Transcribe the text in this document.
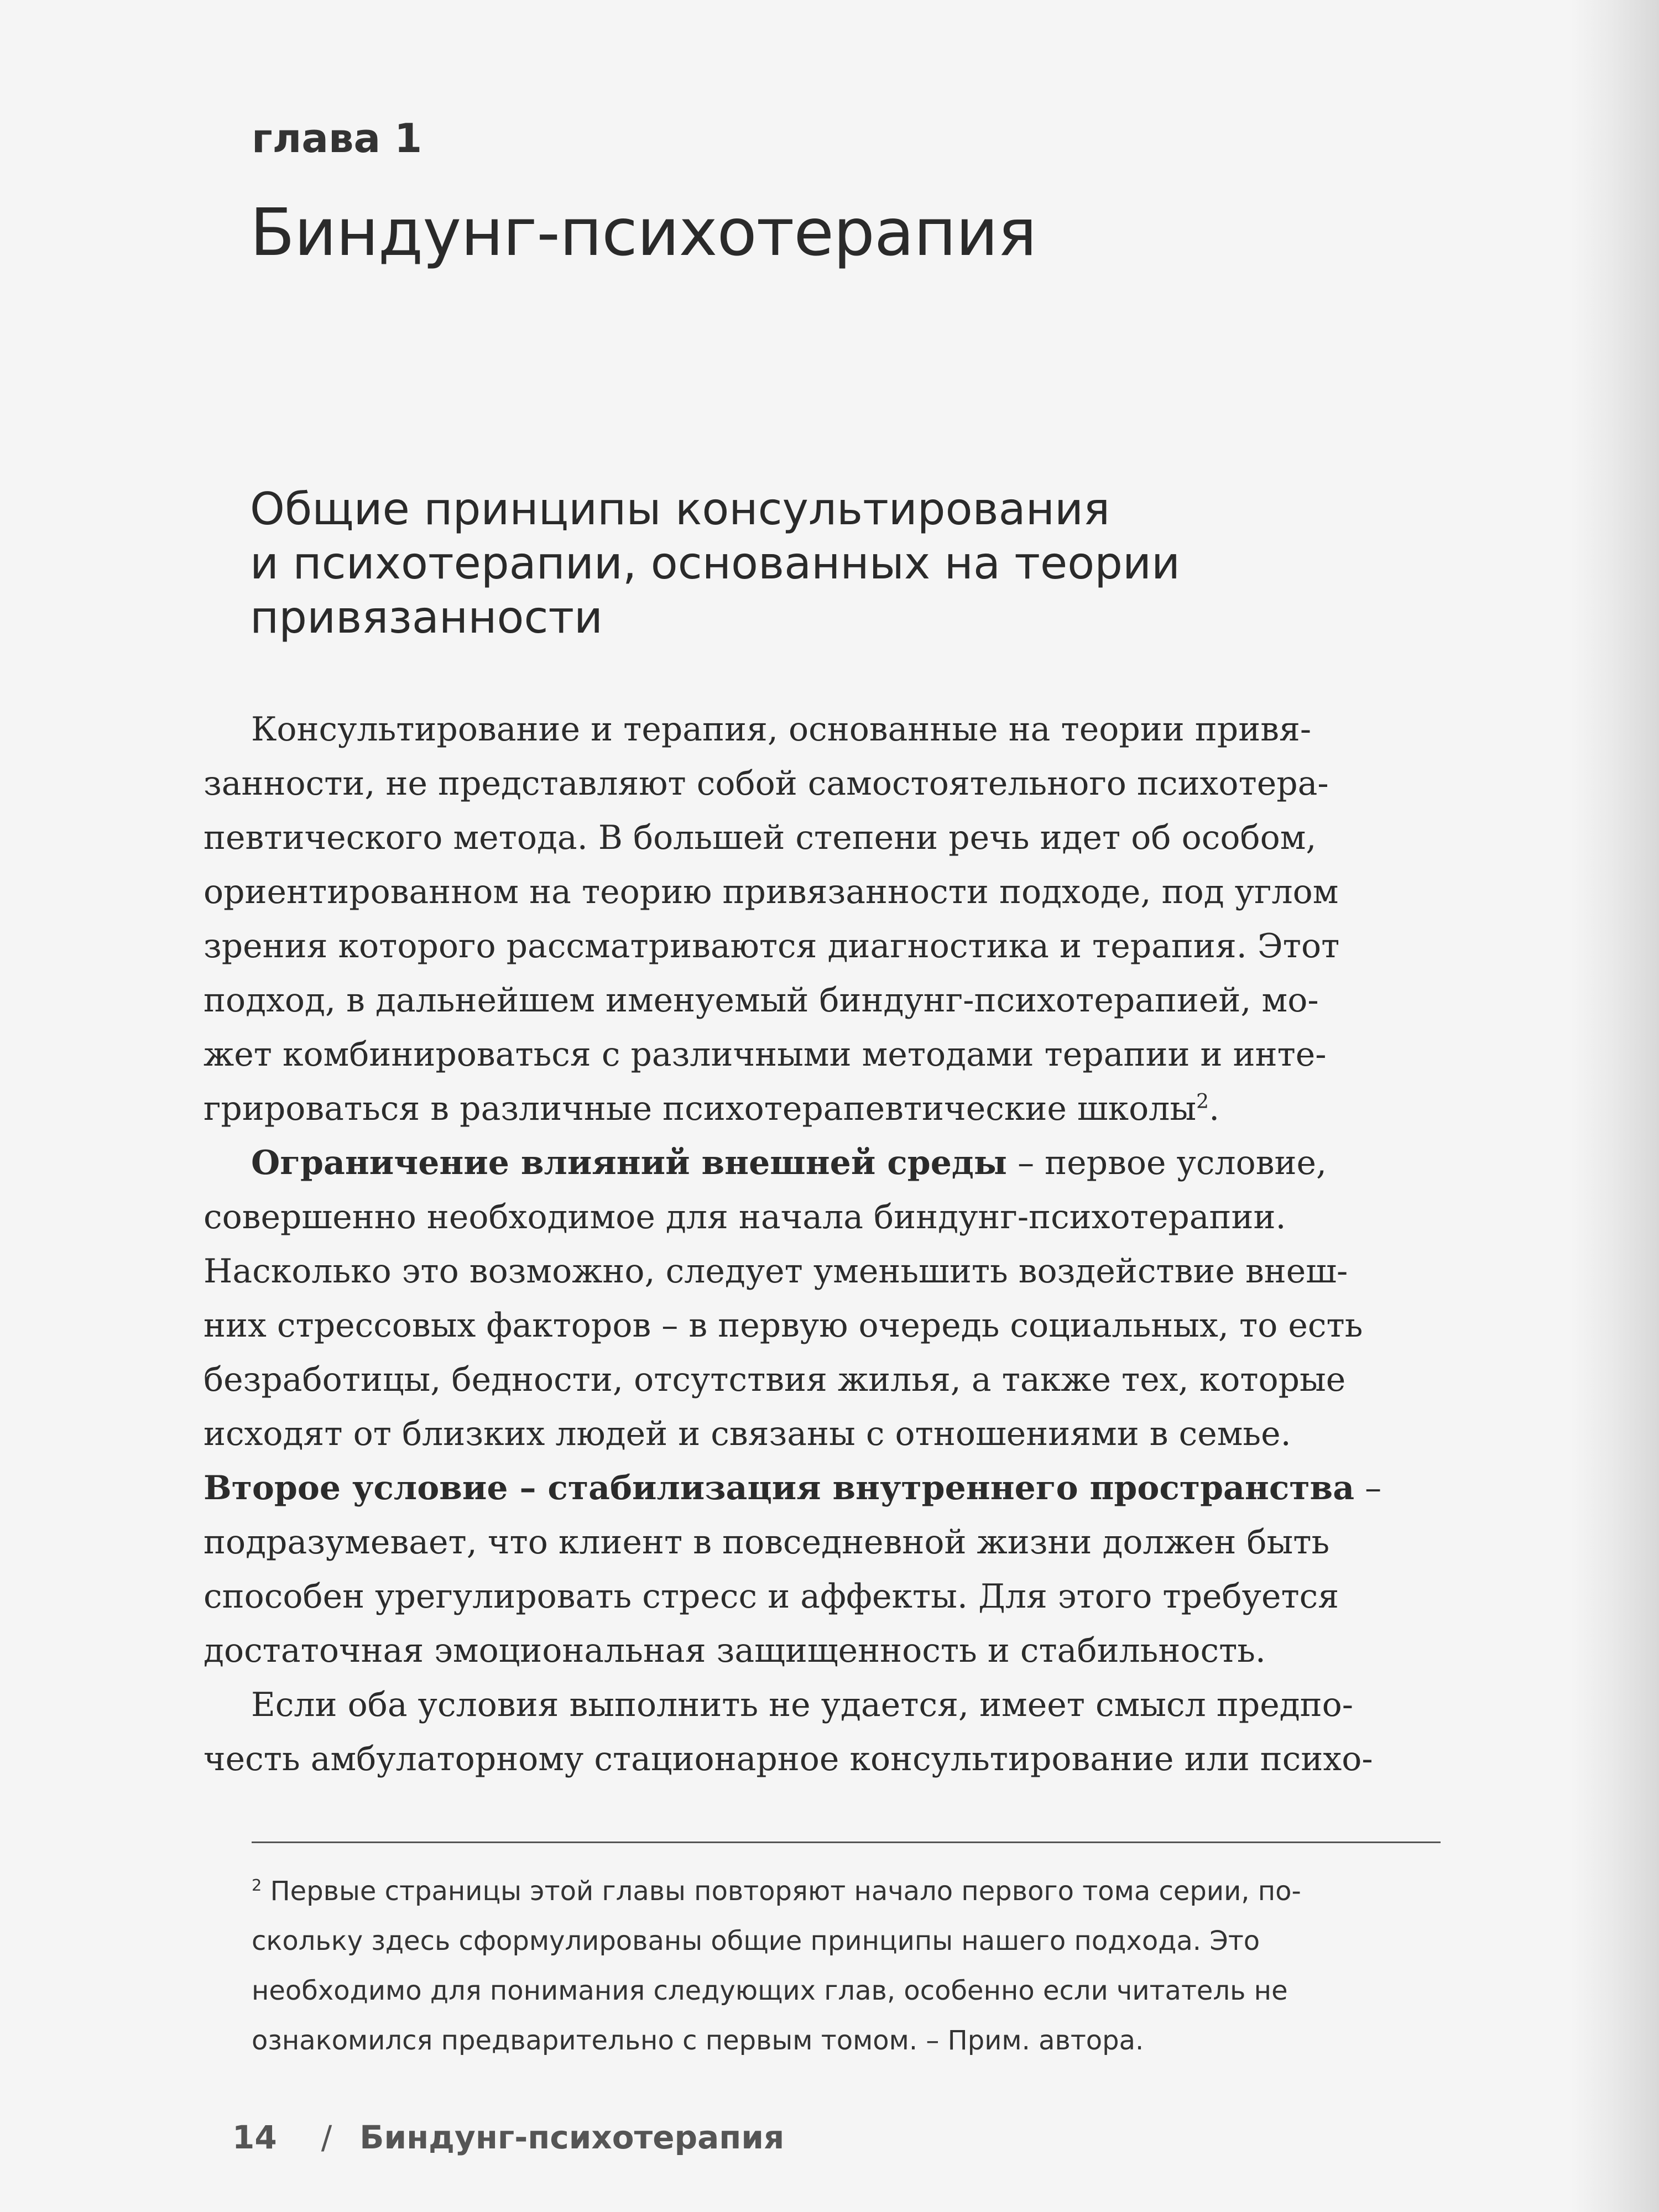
глава 1
Биндунг-психотерапия
Общие принципы консультирования
и психотерапии, основанных на теории
привязанности
Консультирование и терапия, основанные на теории привя-
занности, не представляют собой самостоятельного психотера-
певтического метода. В большей степени речь идет об особом,
ориентированном на теорию привязанности подходе, под углом
зрения которого рассматриваются диагностика и терапия. Этот
подход, в дальнейшем именуемый биндунг-психотерапией, мо-
жет комбинироваться с различными методами терапии и инте-
грироваться в различные психотерапевтические школы$^2$.
Ограничение влияний внешней среды – первое условие,
совершенно необходимое для начала биндунг-психотерапии.
Насколько это возможно, следует уменьшить воздействие внеш-
них стрессовых факторов – в первую очередь социальных, то есть
безработицы, бедности, отсутствия жилья, а также тех, которые
исходят от близких людей и связаны с отношениями в семье.
Второе условие – стабилизация внутреннего пространства –
подразумевает, что клиент в повседневной жизни должен быть
способен урегулировать стресс и аффекты. Для этого требуется
достаточная эмоциональная защищенность и стабильность.
Если оба условия выполнить не удается, имеет смысл предпо-
честь амбулаторному стационарное консультирование или психо-
$^2$ Первые страницы этой главы повторяют начало первого тома серии, по-
скольку здесь сформулированы общие принципы нашего подхода. Это
необходимо для понимания следующих глав, особенно если читатель не
ознакомился предварительно с первым томом. – Прим. автора.
14 / Биндунг-психотерапия
